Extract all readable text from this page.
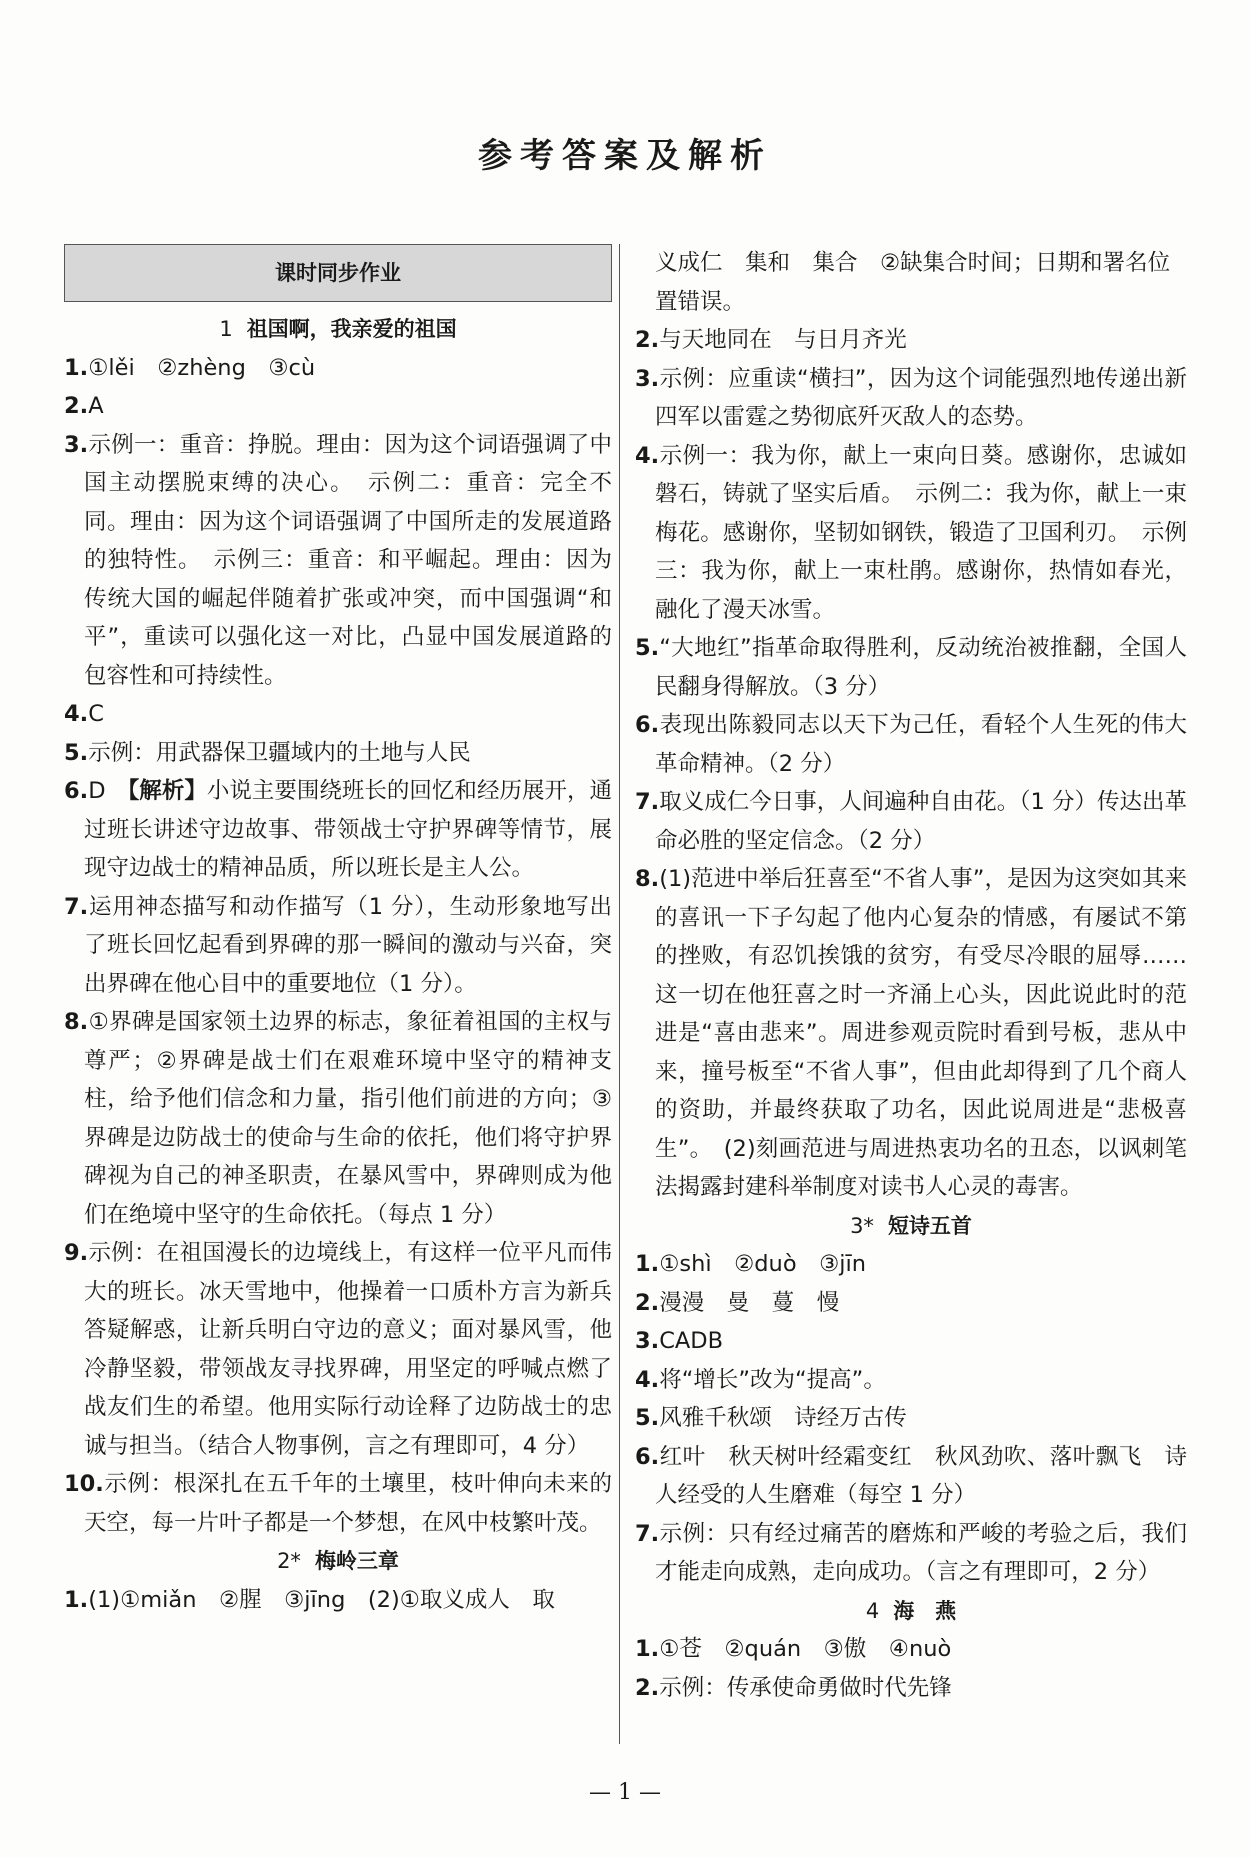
参考答案及解析
课时同步作业
1 祖国啊，我亲爱的祖国
1.①lěi　②zhèng　③cù
2.A
3.示例一：重音：挣脱。理由：因为这个词语强调了中国主动摆脱束缚的决心。　示例二：重音：完全不同。理由：因为这个词语强调了中国所走的发展道路的独特性。　示例三：重音：和平崛起。理由：因为传统大国的崛起伴随着扩张或冲突，而中国强调“和平”，重读可以强化这一对比，凸显中国发展道路的包容性和可持续性。
4.C
5.示例：用武器保卫疆域内的土地与人民
6.D　【解析】小说主要围绕班长的回忆和经历展开，通过班长讲述守边故事、带领战士守护界碑等情节，展现守边战士的精神品质，所以班长是主人公。
7.运用神态描写和动作描写（1 分），生动形象地写出了班长回忆起看到界碑的那一瞬间的激动与兴奋，突出界碑在他心目中的重要地位（1 分）。
8.①界碑是国家领土边界的标志，象征着祖国的主权与尊严；②界碑是战士们在艰难环境中坚守的精神支柱，给予他们信念和力量，指引他们前进的方向；③界碑是边防战士的使命与生命的依托，他们将守护界碑视为自己的神圣职责，在暴风雪中，界碑则成为他们在绝境中坚守的生命依托。（每点 1 分）
9.示例：在祖国漫长的边境线上，有这样一位平凡而伟大的班长。冰天雪地中，他操着一口质朴方言为新兵答疑解惑，让新兵明白守边的意义；面对暴风雪，他冷静坚毅，带领战友寻找界碑，用坚定的呼喊点燃了战友们生的希望。他用实际行动诠释了边防战士的忠诚与担当。（结合人物事例，言之有理即可，4 分）
10.示例：根深扎在五千年的土壤里，枝叶伸向未来的天空，每一片叶子都是一个梦想，在风中枝繁叶茂。
2* 梅岭三章
1.(1)①miǎn　②腥　③jīng　(2)①取义成人　取
义成仁　集和　集合　②缺集合时间；日期和署名位置错误。
2.与天地同在　与日月齐光
3.示例：应重读“横扫”，因为这个词能强烈地传递出新四军以雷霆之势彻底歼灭敌人的态势。
4.示例一：我为你，献上一束向日葵。感谢你，忠诚如磐石，铸就了坚实后盾。　示例二：我为你，献上一束梅花。感谢你，坚韧如钢铁，锻造了卫国利刃。　示例三：我为你，献上一束杜鹃。感谢你，热情如春光，融化了漫天冰雪。
5.“大地红”指革命取得胜利，反动统治被推翻，全国人民翻身得解放。（3 分）
6.表现出陈毅同志以天下为己任，看轻个人生死的伟大革命精神。（2 分）
7.取义成仁今日事，人间遍种自由花。（1 分）传达出革命必胜的坚定信念。（2 分）
8.(1)范进中举后狂喜至“不省人事”，是因为这突如其来的喜讯一下子勾起了他内心复杂的情感，有屡试不第的挫败，有忍饥挨饿的贫穷，有受尽冷眼的屈辱……这一切在他狂喜之时一齐涌上心头，因此说此时的范进是“喜由悲来”。周进参观贡院时看到号板，悲从中来，撞号板至“不省人事”，但由此却得到了几个商人的资助，并最终获取了功名，因此说周进是“悲极喜生”。　(2)刻画范进与周进热衷功名的丑态，以讽刺笔法揭露封建科举制度对读书人心灵的毒害。
3* 短诗五首
1.①shì　②duò　③jīn
2.漫漫　曼　蔓　慢
3.CADB
4.将“增长”改为“提高”。
5.风雅千秋颂　诗经万古传
6.红叶　秋天树叶经霜变红　秋风劲吹、落叶飘飞　诗人经受的人生磨难（每空 1 分）
7.示例：只有经过痛苦的磨炼和严峻的考验之后，我们才能走向成熟，走向成功。（言之有理即可，2 分）
4 海　燕
1.①苍　②quán　③傲　④nuò
2.示例：传承使命勇做时代先锋
— 1 —
